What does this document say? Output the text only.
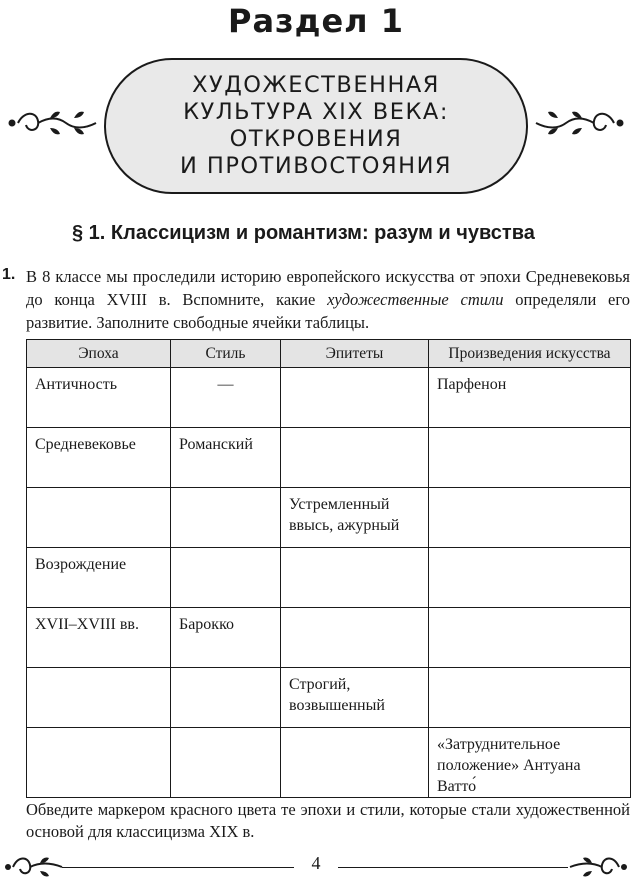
Раздел 1
ХУДОЖЕСТВЕННАЯ
КУЛЬТУРА XIX ВЕКА:
ОТКРОВЕНИЯ
И ПРОТИВОСТОЯНИЯ
§ 1. Классицизм и романтизм: разум и чувства
1. В 8 классе мы проследили историю европейского искусства от эпохи Средневековья до конца XVIII в. Вспомните, какие художественные стили определяли его развитие. Заполните свободные ячейки таблицы.
Эпоха	Стиль	Эпитеты	Произведения искусства
Античность	—		Парфенон
Средневековье	Романский		
		Устремленный ввысь, ажурный	
Возрождение			
XVII–XVIII вв.	Барокко		
		Строгий, возвышенный	
			«Затруднительное положение» Антуана Ватто́
Обведите маркером красного цвета те эпохи и стили, которые стали художественной основой для классицизма XIX в.
4
